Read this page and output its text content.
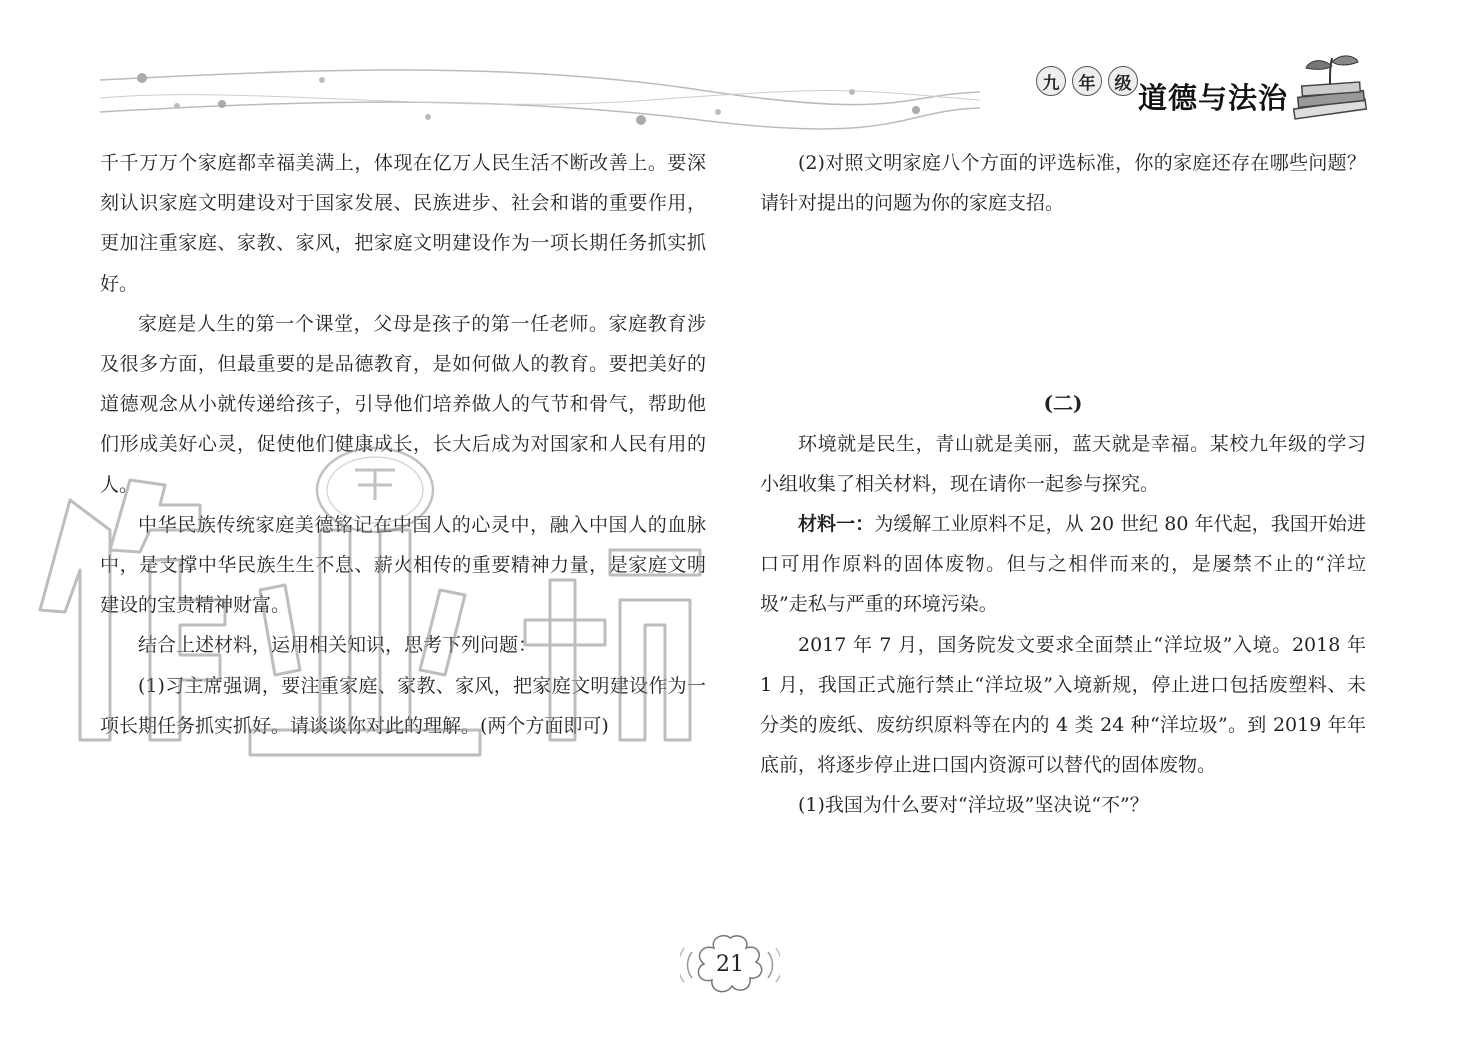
九	年	级 道德与法治

千千万万个家庭都幸福美满上，体现在亿万人民生活不断改善上。要深刻认识家庭文明建设对于国家发展、民族进步、社会和谐的重要作用，更加注重家庭、家教、家风，把家庭文明建设作为一项长期任务抓实抓好。

家庭是人生的第一个课堂，父母是孩子的第一任老师。家庭教育涉及很多方面，但最重要的是品德教育，是如何做人的教育。要把美好的道德观念从小就传递给孩子，引导他们培养做人的气节和骨气，帮助他们形成美好心灵，促使他们健康成长，长大后成为对国家和人民有用的人。

中华民族传统家庭美德铭记在中国人的心灵中，融入中国人的血脉中，是支撑中华民族生生不息、薪火相传的重要精神力量，是家庭文明建设的宝贵精神财富。

结合上述材料，运用相关知识，思考下列问题：

(1)习主席强调，要注重家庭、家教、家风，把家庭文明建设作为一项长期任务抓实抓好。请谈谈你对此的理解。(两个方面即可)

(2)对照文明家庭八个方面的评选标准，你的家庭还存在哪些问题？请针对提出的问题为你的家庭支招。

(二)

环境就是民生，青山就是美丽，蓝天就是幸福。某校九年级的学习小组收集了相关材料，现在请你一起参与探究。

材料一：为缓解工业原料不足，从 20 世纪 80 年代起，我国开始进口可用作原料的固体废物。但与之相伴而来的，是屡禁不止的“洋垃圾”走私与严重的环境污染。

2017 年 7 月，国务院发文要求全面禁止“洋垃圾”入境。2018 年 1 月，我国正式施行禁止“洋垃圾”入境新规，停止进口包括废塑料、未分类的废纸、废纺织原料等在内的 4 类 24 种“洋垃圾”。到 2019 年年底前，将逐步停止进口国内资源可以替代的固体废物。

(1)我国为什么要对“洋垃圾”坚决说“不”？

21
